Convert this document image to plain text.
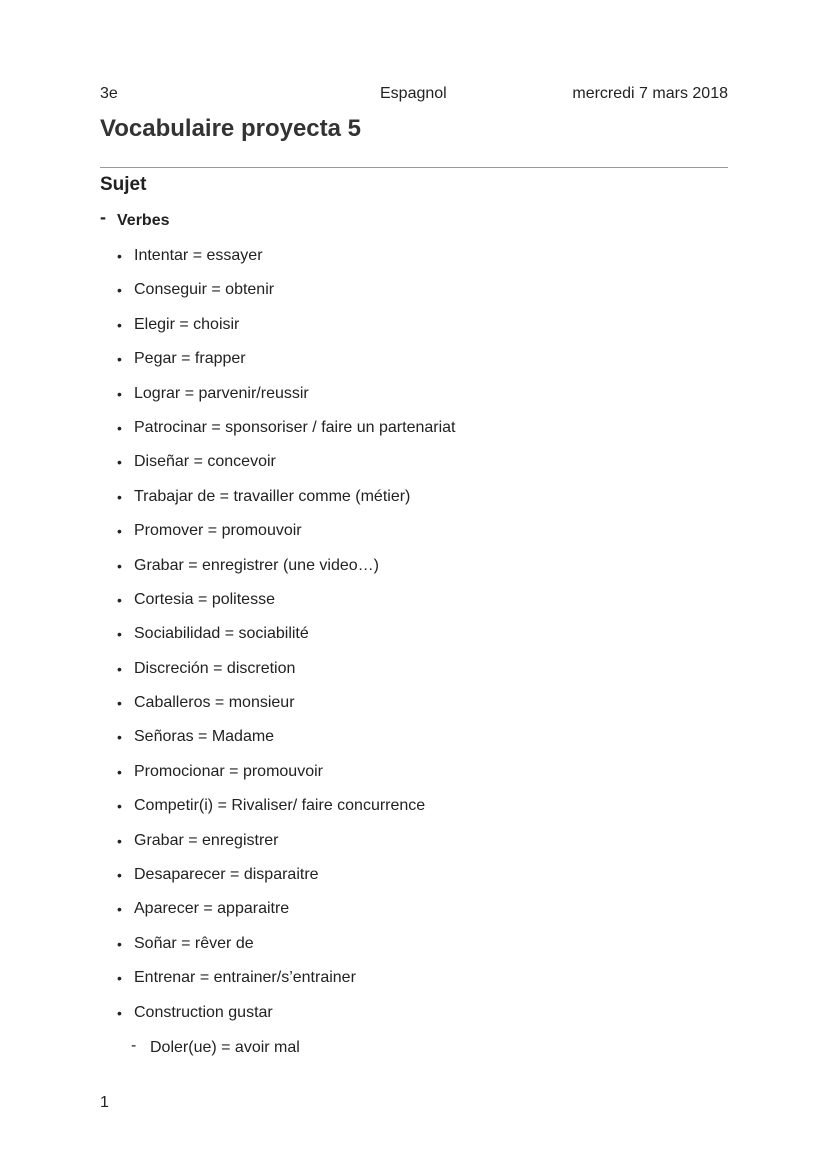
3e	Espagnol	mercredi 7 mars 2018
Vocabulaire proyecta 5
Sujet
- Verbes
• Intentar = essayer
• Conseguir = obtenir
• Elegir = choisir
• Pegar = frapper
• Lograr = parvenir/reussir
• Patrocinar = sponsoriser / faire un partenariat
• Diseñar = concevoir
• Trabajar de = travailler comme (métier)
• Promover = promouvoir
• Grabar = enregistrer (une video…)
• Cortesia = politesse
• Sociabilidad = sociabilité
• Discreción = discretion
• Caballeros = monsieur
• Señoras = Madame
• Promocionar = promouvoir
• Competir(i) = Rivaliser/ faire concurrence
• Grabar = enregistrer
• Desaparecer = disparaitre
• Aparecer = apparaitre
• Soñar = rêver de
• Entrenar = entrainer/s’entrainer
• Construction gustar
- Doler(ue) = avoir mal
1
